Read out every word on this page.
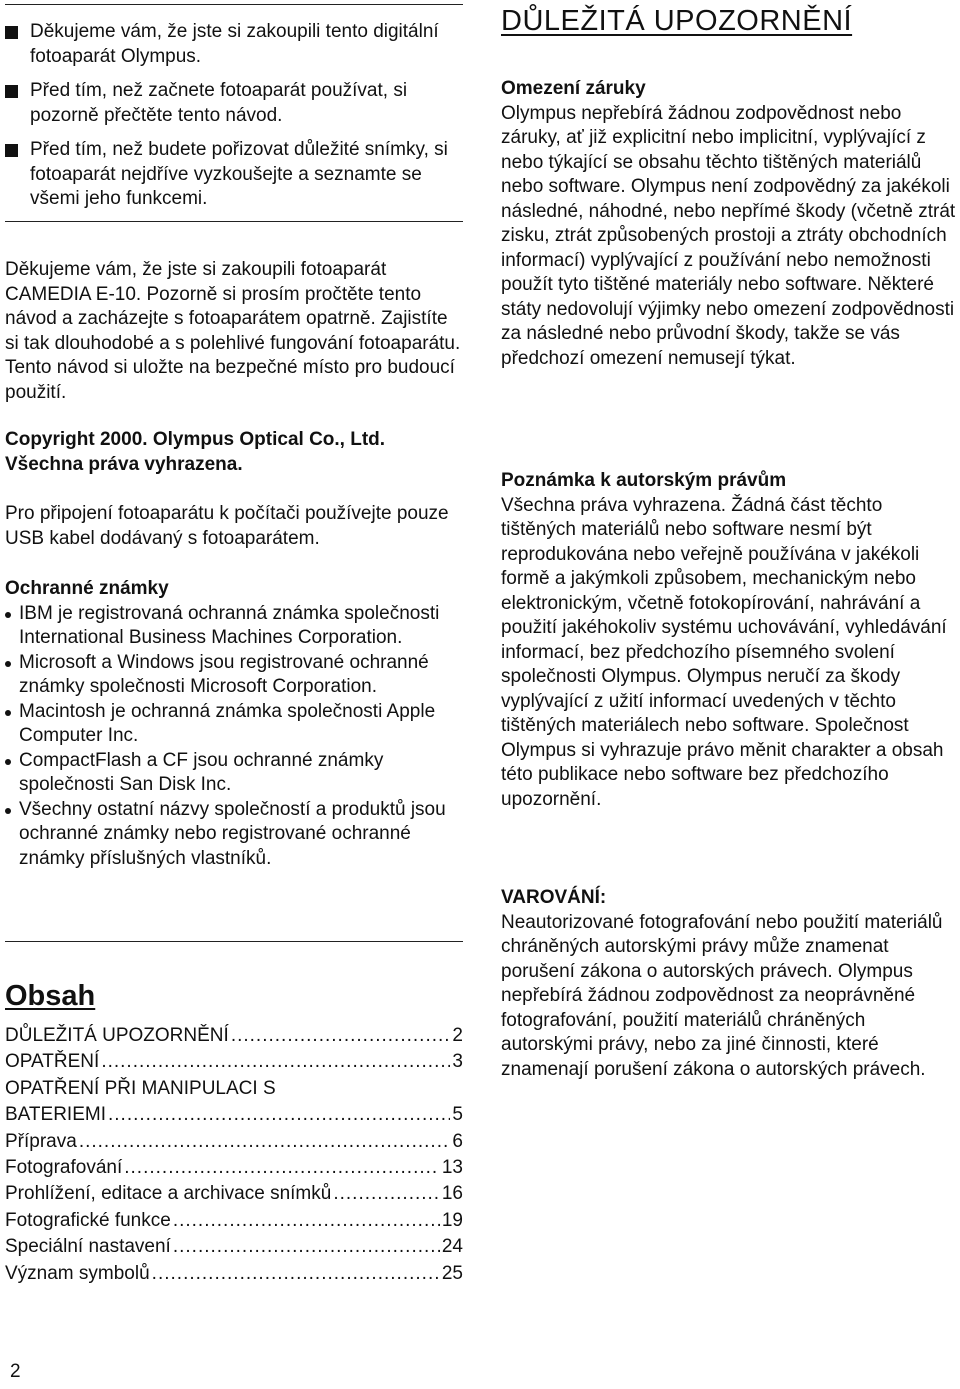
Děkujeme vám, že jste si zakoupili tento digitální fotoaparát Olympus.
Před tím, než začnete fotoaparát používat, si pozorně přečtěte tento návod.
Před tím, než budete pořizovat důležité snímky, si fotoaparát nejdříve vyzkoušejte a seznamte se všemi jeho funkcemi.
Děkujeme vám, že jste si zakoupili fotoaparát CAMEDIA E-10. Pozorně si prosím pročtěte tento návod a zacházejte s fotoaparátem opatrně. Zajistíte si tak dlouhodobé a s polehlivé fungování fotoaparátu. Tento návod si uložte na bezpečné místo pro budoucí použití.
Copyright 2000. Olympus Optical Co., Ltd.
Všechna práva vyhrazena.
Pro připojení fotoaparátu k počítači používejte pouze USB kabel dodávaný s fotoaparátem.
Ochranné známky
IBM je registrovaná ochranná známka společnosti International Business Machines Corporation.
Microsoft a Windows jsou registrované ochranné známky společnosti Microsoft Corporation.
Macintosh je ochranná známka společnosti Apple Computer Inc.
CompactFlash a CF jsou ochranné známky společnosti San Disk Inc.
Všechny ostatní názvy společností a produktů jsou ochranné známky nebo registrované ochranné známky příslušných vlastníků.
Obsah
DŮLEŽITÁ UPOZORNĚNÍ .....	2
OPATŘENÍ .....	3
OPATŘENÍ PŘI MANIPULACI S
BATERIEMI .....	5
Příprava .....	6
Fotografování .....	13
Prohlížení, editace a archivace snímků .....	16
Fotografické funkce .....	19
Speciální nastavení .....	24
Význam symbolů .....	25
2
DŮLEŽITÁ UPOZORNĚNÍ
Omezení záruky
Olympus nepřebírá žádnou zodpovědnost nebo záruky, ať již explicitní nebo implicitní, vyplývající z nebo týkající se obsahu těchto tištěných materiálů nebo software. Olympus není zodpovědný za jakékoli následné, náhodné, nebo nepřímé škody (včetně ztrát zisku, ztrát způsobených prostoji a ztráty obchodních informací) vyplývající z používání nebo nemožnosti použít tyto tištěné materiály nebo software. Některé státy nedovolují výjimky nebo omezení zodpovědnosti za následné nebo průvodní škody, takže se vás předchozí omezení nemusejí týkat.
Poznámka k autorským právům
Všechna práva vyhrazena. Žádná část těchto tištěných materiálů nebo software nesmí být reprodukována nebo veřejně používána v jakékoli formě a jakýmkoli způsobem, mechanickým nebo elektronickým, včetně fotokopírování, nahrávání a použití jakéhokoliv systému uchovávání, vyhledávání informací, bez předchozího písemného svolení společnosti Olympus. Olympus neručí za škody vyplývající z užití informací uvedených v těchto tištěných materiálech nebo software. Společnost Olympus si vyhrazuje právo měnit charakter a obsah této publikace nebo software bez předchozího upozornění.
VAROVÁNÍ:
Neautorizované fotografování nebo použití materiálů chráněných autorskými právy může znamenat porušení zákona o autorských právech. Olympus nepřebírá žádnou zodpovědnost za neoprávněné fotografování, použití materiálů chráněných autorskými právy, nebo za jiné činnosti, které znamenají porušení zákona o autorských právech.
